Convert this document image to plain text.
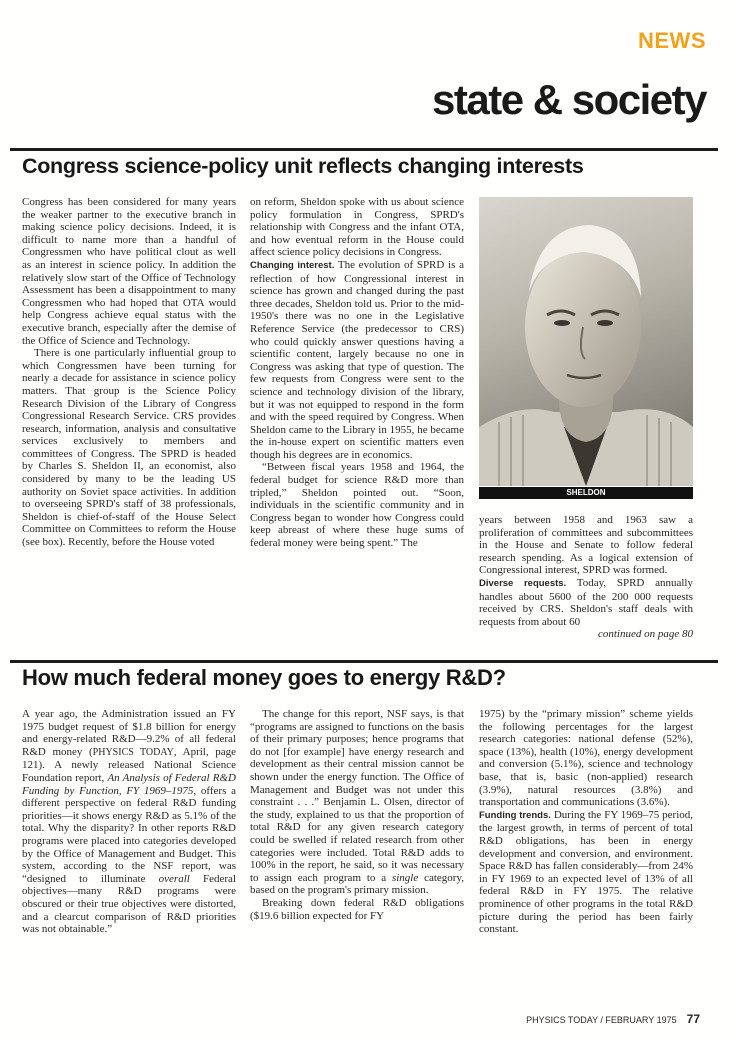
NEWS
state & society
Congress science-policy unit reflects changing interests

Congress has been considered for many years the weaker partner to the executive branch in making science policy decisions. Indeed, it is difficult to name more than a handful of Congressmen who have political clout as well as an interest in science policy. In addition the relatively slow start of the Office of Technology Assessment has been a disappointment to many Congressmen who had hoped that OTA would help Congress achieve equal status with the executive branch, especially after the demise of the Office of Science and Technology.

There is one particularly influential group to which Congressmen have been turning for nearly a decade for assistance in science policy matters. That group is the Science Policy Research Division of the Library of Congress Congressional Research Service. CRS provides research, information, analysis and consultative services exclusively to members and committees of Congress. The SPRD is headed by Charles S. Sheldon II, an economist, also considered by many to be the leading US authority on Soviet space activities. In addition to overseeing SPRD's staff of 38 professionals, Sheldon is chief-of-staff of the House Select Committee on Committees to reform the House (see box). Recently, before the House voted

on reform, Sheldon spoke with us about science policy formulation in Congress, SPRD's relationship with Congress and the infant OTA, and how eventual reform in the House could affect science policy decisions in Congress.

Changing interest. The evolution of SPRD is a reflection of how Congressional interest in science has grown and changed during the past three decades, Sheldon told us. Prior to the mid-1950's there was no one in the Legislative Reference Service (the predecessor to CRS) who could quickly answer questions having a scientific content, largely because no one in Congress was asking that type of question. The few requests from Congress were sent to the science and technology division of the library, but it was not equipped to respond in the form and with the speed required by Congress. When Sheldon came to the Library in 1955, he became the in-house expert on scientific matters even though his degrees are in economics.

“Between fiscal years 1958 and 1964, the federal budget for science R&D more than tripled,” Sheldon pointed out. “Soon, individuals in the scientific community and in Congress began to wonder how Congress could keep abreast of where these huge sums of federal money were being spent.” The

SHELDON

years between 1958 and 1963 saw a proliferation of committees and subcommittees in the House and Senate to follow federal research spending. As a logical extension of Congressional interest, SPRD was formed.

Diverse requests. Today, SPRD annually handles about 5600 of the 200 000 requests received by CRS. Sheldon's staff deals with requests from about 60

continued on page 80

How much federal money goes to energy R&D?

A year ago, the Administration issued an FY 1975 budget request of $1.8 billion for energy and energy-related R&D—9.2% of all federal R&D money (PHYSICS TODAY, April, page 121). A newly released National Science Foundation report, An Analysis of Federal R&D Funding by Function, FY 1969–1975, offers a different perspective on federal R&D funding priorities—it shows energy R&D as 5.1% of the total. Why the disparity? In other reports R&D programs were placed into categories developed by the Office of Management and Budget. This system, according to the NSF report, was “designed to illuminate overall Federal objectives—many R&D programs were obscured or their true objectives were distorted, and a clearcut comparison of R&D priorities was not obtainable.”

The change for this report, NSF says, is that “programs are assigned to functions on the basis of their primary purposes; hence programs that do not [for example] have energy research and development as their central mission cannot be shown under the energy function. The Office of Management and Budget was not under this constraint . . .” Benjamin L. Olsen, director of the study, explained to us that the proportion of total R&D for any given research category could be swelled if related research from other categories were included. Total R&D adds to 100% in the report, he said, so it was necessary to assign each program to a single category, based on the program's primary mission.

Breaking down federal R&D obligations ($19.6 billion expected for FY

1975) by the “primary mission” scheme yields the following percentages for the largest research categories: national defense (52%), space (13%), health (10%), energy development and conversion (5.1%), science and technology base, that is, basic (non-applied) research (3.9%), natural resources (3.8%) and transportation and communications (3.6%).

Funding trends. During the FY 1969–75 period, the largest growth, in terms of percent of total R&D obligations, has been in energy development and conversion, and environment. Space R&D has fallen considerably—from 24% in FY 1969 to an expected level of 13% of all federal R&D in FY 1975. The relative prominence of other programs in the total R&D picture during the period has been fairly constant.

PHYSICS TODAY / FEBRUARY 1975 77
